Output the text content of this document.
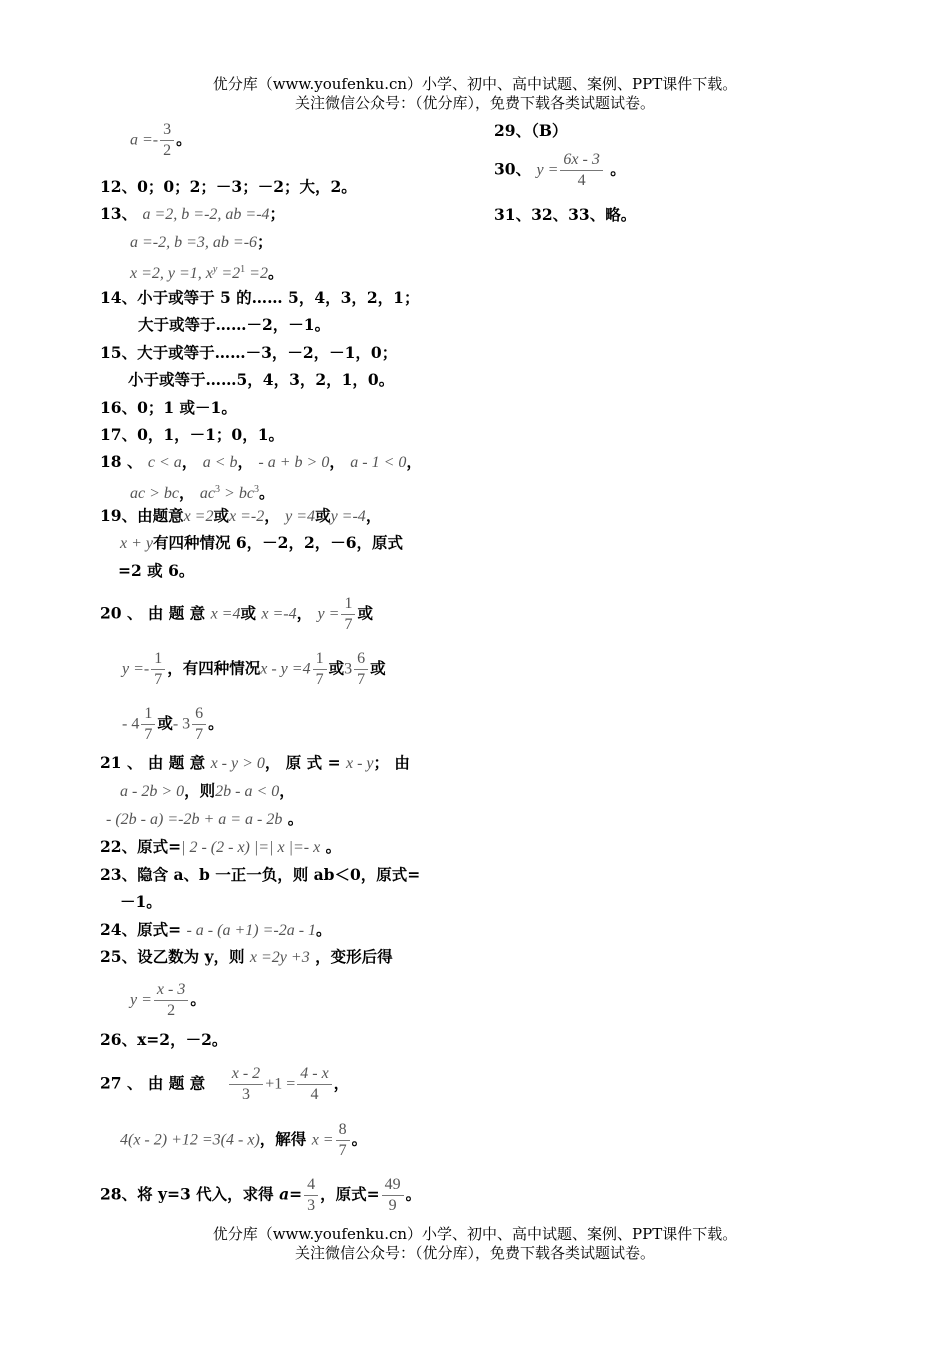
优分库（www.youfenku.cn）小学、初中、高中试题、案例、PPT课件下载。
关注微信公众号：（优分库），免费下载各类试题试卷。
$a =- \frac{3}{2}$ 。
12、0；0；2；－3；－2；大，2。
13、 a =2, b =-2, ab =-4；
a =-2, b =3, ab =-6；
x =2, y =1, $x^y =2^1 =2$。
14、小于或等于 5 的…… 5，4，3，2，1；
大于或等于……－2，－1。
15、大于或等于……－3，－2，－1，0；
小于或等于……5，4，3，2，1，0。
16、0；1 或－1。
17、0，1，－1；0，1。
18 、 c < a， a < b， - a + b > 0， a - 1 < 0，
ac > bc， $ac^3 > bc^3$。
19、由题意x =2或x =-2， y =4或y =-4，
x + y有四种情况 6，－2，2，－6，原式
=2 或 6。
20 、 由 题 意 x =4或 x =-4， $y = \frac{1}{7}$ 或
$y =- \frac{1}{7}$ ，有四种情况$x - y =4 \frac{1}{7}$ 或$3 \frac{6}{7}$ 或
- $4 \frac{1}{7}$ 或- $3 \frac{6}{7}$ 。
21 、 由 题 意 x - y > 0， 原 式 = x - y； 由
a - 2b > 0，则2b - a < 0，
- (2b - a) =-2b + a = a - 2b 。
22、原式=| 2 - (2 - x) |=| x |=- x 。
23、隐含 a、b 一正一负，则 ab＜0，原式=
－1。
24、原式= - a - (a +1) =-2a - 1。
25、设乙数为 y，则 x =2y +3 ，变形后得
$y = \frac{x - 3}{2}$ 。
26、x=2，－2。
27 、 由 题 意 $\frac{x - 2}{3} +1 = \frac{4 - x}{4}$ ，
4(x - 2) +12 =3(4 - x)，解得 $x = \frac{8}{7}$ 。
28、将 y=3 代入，求得 $a= \frac{4}{3}$ ，原式= $\frac{49}{9}$ 。
29、（B）
30、 $y = \frac{6x - 3}{4}$ 。
31、32、33、略。
优分库（www.youfenku.cn）小学、初中、高中试题、案例、PPT课件下载。
关注微信公众号：（优分库），免费下载各类试题试卷。
